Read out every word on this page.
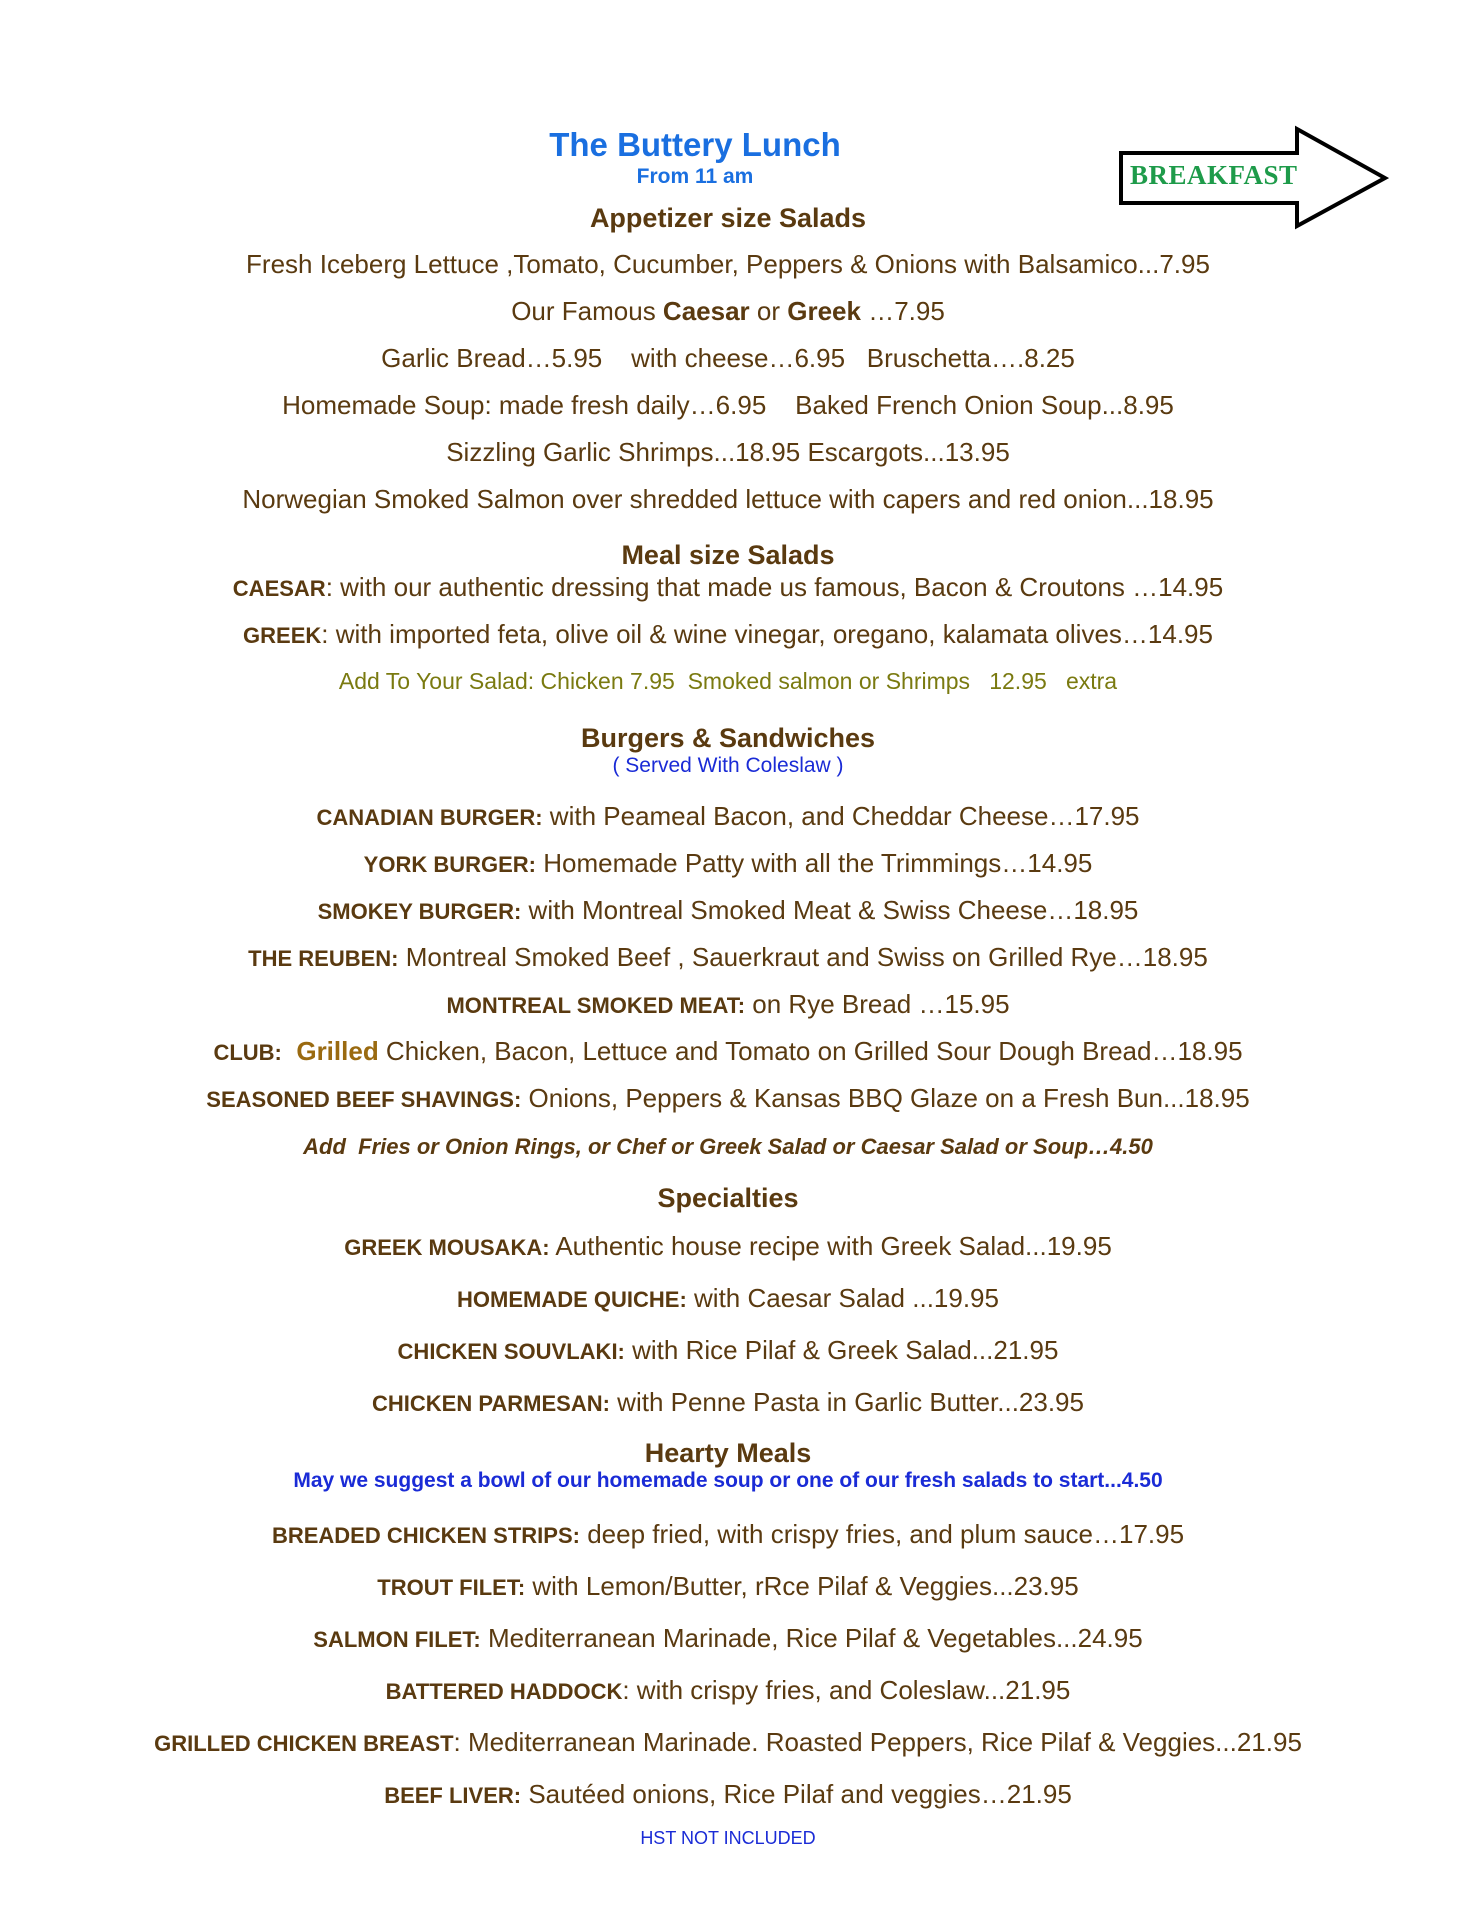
The Buttery Lunch
From 11 am	BREAKFAST
Appetizer size Salads
Fresh Iceberg Lettuce ,Tomato, Cucumber, Peppers & Onions with Balsamico...7.95
Our Famous Caesar or Greek …7.95
Garlic Bread…5.95    with cheese…6.95   Bruschetta….8.25
Homemade Soup: made fresh daily…6.95    Baked French Onion Soup...8.95
Sizzling Garlic Shrimps...18.95 Escargots...13.95
Norwegian Smoked Salmon over shredded lettuce with capers and red onion...18.95
Meal size Salads
CAESAR: with our authentic dressing that made us famous, Bacon & Croutons …14.95
GREEK: with imported feta, olive oil & wine vinegar, oregano, kalamata olives…14.95
Add To Your Salad: Chicken 7.95  Smoked salmon or Shrimps   12.95   extra
Burgers & Sandwiches
( Served With Coleslaw )
CANADIAN BURGER: with Peameal Bacon, and Cheddar Cheese…17.95
YORK BURGER: Homemade Patty with all the Trimmings…14.95
SMOKEY BURGER: with Montreal Smoked Meat & Swiss Cheese…18.95
THE REUBEN: Montreal Smoked Beef , Sauerkraut and Swiss on Grilled Rye…18.95
MONTREAL SMOKED MEAT: on Rye Bread …15.95
CLUB: Grilled Chicken, Bacon, Lettuce and Tomato on Grilled Sour Dough Bread…18.95
SEASONED BEEF SHAVINGS: Onions, Peppers & Kansas BBQ Glaze on a Fresh Bun...18.95
Add  Fries or Onion Rings, or Chef or Greek Salad or Caesar Salad or Soup…4.50
Specialties
GREEK MOUSAKA: Authentic house recipe with Greek Salad...19.95
HOMEMADE QUICHE: with Caesar Salad ...19.95
CHICKEN SOUVLAKI: with Rice Pilaf & Greek Salad...21.95
CHICKEN PARMESAN: with Penne Pasta in Garlic Butter...23.95
Hearty Meals
May we suggest a bowl of our homemade soup or one of our fresh salads to start...4.50
BREADED CHICKEN STRIPS: deep fried, with crispy fries, and plum sauce…17.95
TROUT FILET: with Lemon/Butter, rRce Pilaf & Veggies...23.95
SALMON FILET: Mediterranean Marinade, Rice Pilaf & Vegetables...24.95
BATTERED HADDOCK: with crispy fries, and Coleslaw...21.95
GRILLED CHICKEN BREAST: Mediterranean Marinade. Roasted Peppers, Rice Pilaf & Veggies...21.95
BEEF LIVER: Sautéed onions, Rice Pilaf and veggies…21.95
HST NOT INCLUDED
